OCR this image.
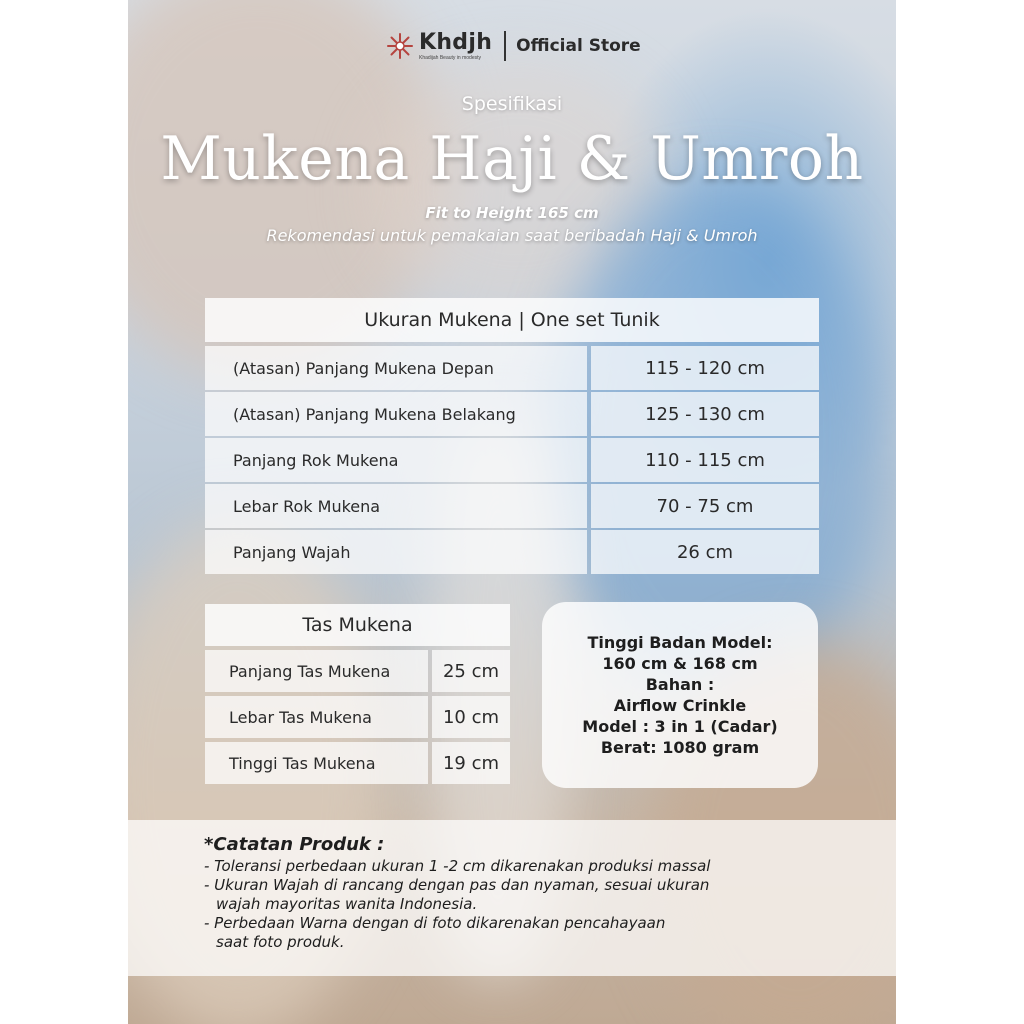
Khdjh
Khadijah Beauty in modesty
Official Store
Spesifikasi
Mukena Haji & Umroh
Fit to Height 165 cm
Rekomendasi untuk pemakaian saat beribadah Haji & Umroh
Ukuran Mukena | One set Tunik
(Atasan) Panjang Mukena Depan	115 - 120 cm
(Atasan) Panjang Mukena Belakang	125 - 130 cm
Panjang Rok Mukena	110 - 115 cm
Lebar Rok Mukena	70 - 75 cm
Panjang Wajah	26 cm
Tas Mukena
Panjang Tas Mukena	25 cm
Lebar Tas Mukena	10 cm
Tinggi Tas Mukena	19 cm
Tinggi Badan Model:
160 cm & 168 cm
Bahan :
Airflow Crinkle
Model : 3 in 1 (Cadar)
Berat: 1080 gram
*Catatan Produk :
- Toleransi perbedaan ukuran 1 -2 cm dikarenakan produksi massal
- Ukuran Wajah di rancang dengan pas dan nyaman, sesuai ukuran
wajah mayoritas wanita Indonesia.
- Perbedaan Warna dengan di foto dikarenakan pencahayaan
saat foto produk.
